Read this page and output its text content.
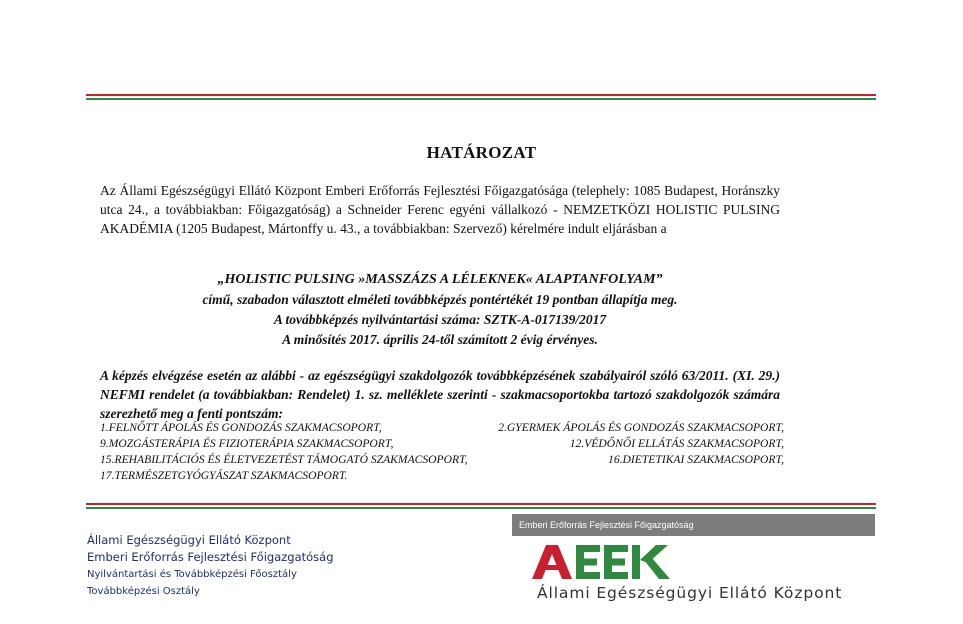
HATÁROZAT
Az Állami Egészségügyi Ellátó Központ Emberi Erőforrás Fejlesztési Főigazgatósága (telephely: 1085 Budapest, Horánszky utca 24., a továbbiakban: Főigazgatóság) a Schneider Ferenc egyéni vállalkozó - NEMZETKÖZI HOLISTIC PULSING AKADÉMIA (1205 Budapest, Mártonffy u. 43., a továbbiakban: Szervező) kérelmére indult eljárásban a
„HOLISTIC PULSING »MASSZÁZS A LÉLEKNEK« ALAPTANFOLYAM”
című, szabadon választott elméleti továbbképzés pontértékét 19 pontban állapítja meg.
A továbbképzés nyilvántartási száma: SZTK-A-017139/2017
A minősítés 2017. április 24-től számított 2 évig érvényes.
A képzés elvégzése esetén az alábbi - az egészségügyi szakdolgozók továbbképzésének szabályairól szóló 63/2011. (XI. 29.) NEFMI rendelet (a továbbiakban: Rendelet) 1. sz. melléklete szerinti - szakmacsoportokba tartozó szakdolgozók számára szerezhető meg a fenti pontszám:
1.FELNŐTT ÁPOLÁS ÉS GONDOZÁS SZAKMACSOPORT,	2.GYERMEK ÁPOLÁS ÉS GONDOZÁS SZAKMACSOPORT,
9.MOZGÁSTERÁPIA ÉS FIZIOTERÁPIA SZAKMACSOPORT,	12.VÉDŐNŐI ELLÁTÁS SZAKMACSOPORT,
15.REHABILITÁCIÓS ÉS ÉLETVEZETÉST TÁMOGATÓ SZAKMACSOPORT,	16.DIETETIKAI SZAKMACSOPORT,
17.TERMÉSZETGYÓGYÁSZAT SZAKMACSOPORT.
Állami Egészségügyi Ellátó Központ
Emberi Erőforrás Fejlesztési Főigazgatóság
Nyilvántartási és Továbbképzési Főosztály
Továbbképzési Osztály
Emberi Erőforrás Fejlesztési Főigazgatóság
Állami Egészségügyi Ellátó Központ
